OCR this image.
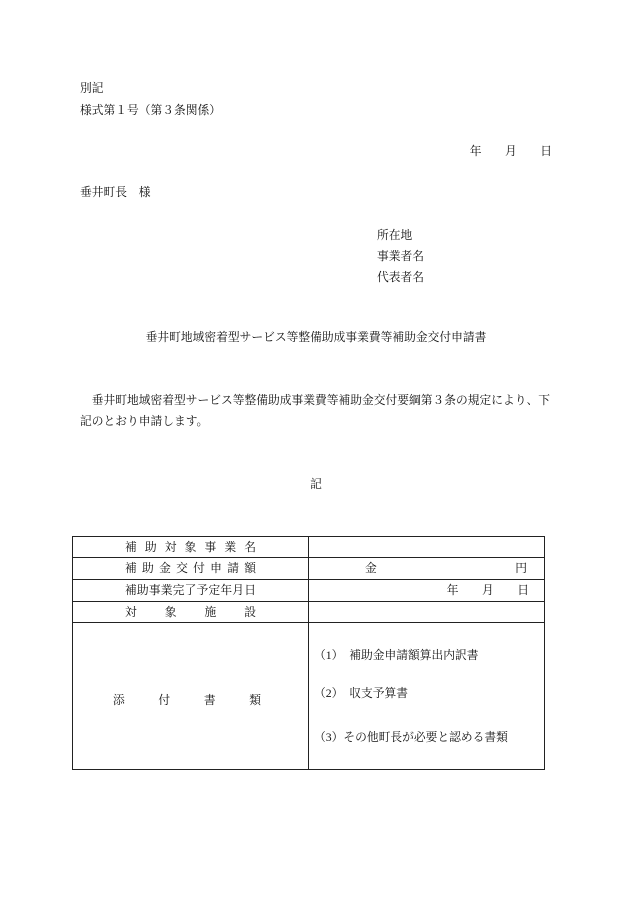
別記
様式第１号（第３条関係）
年　　月　　日
垂井町長　様
所在地
事業者名
代表者名
垂井町地域密着型サービス等整備助成事業費等補助金交付申請書

垂井町地域密着型サービス等整備助成事業費等補助金交付要綱第３条の規定により、下記のとおり申請します。

記
補 助 対 象 事 業 名
補 助 金 交 付 申 請 額	金	円
補 助 事 業 完 了 予 定 年 月 日	年　　月　　日
対 象 施 設
添	付	書	類
（1）　補助金申請額算出内訳書
（2）　収支予算書
（3）その他町長が必要と認める書類
